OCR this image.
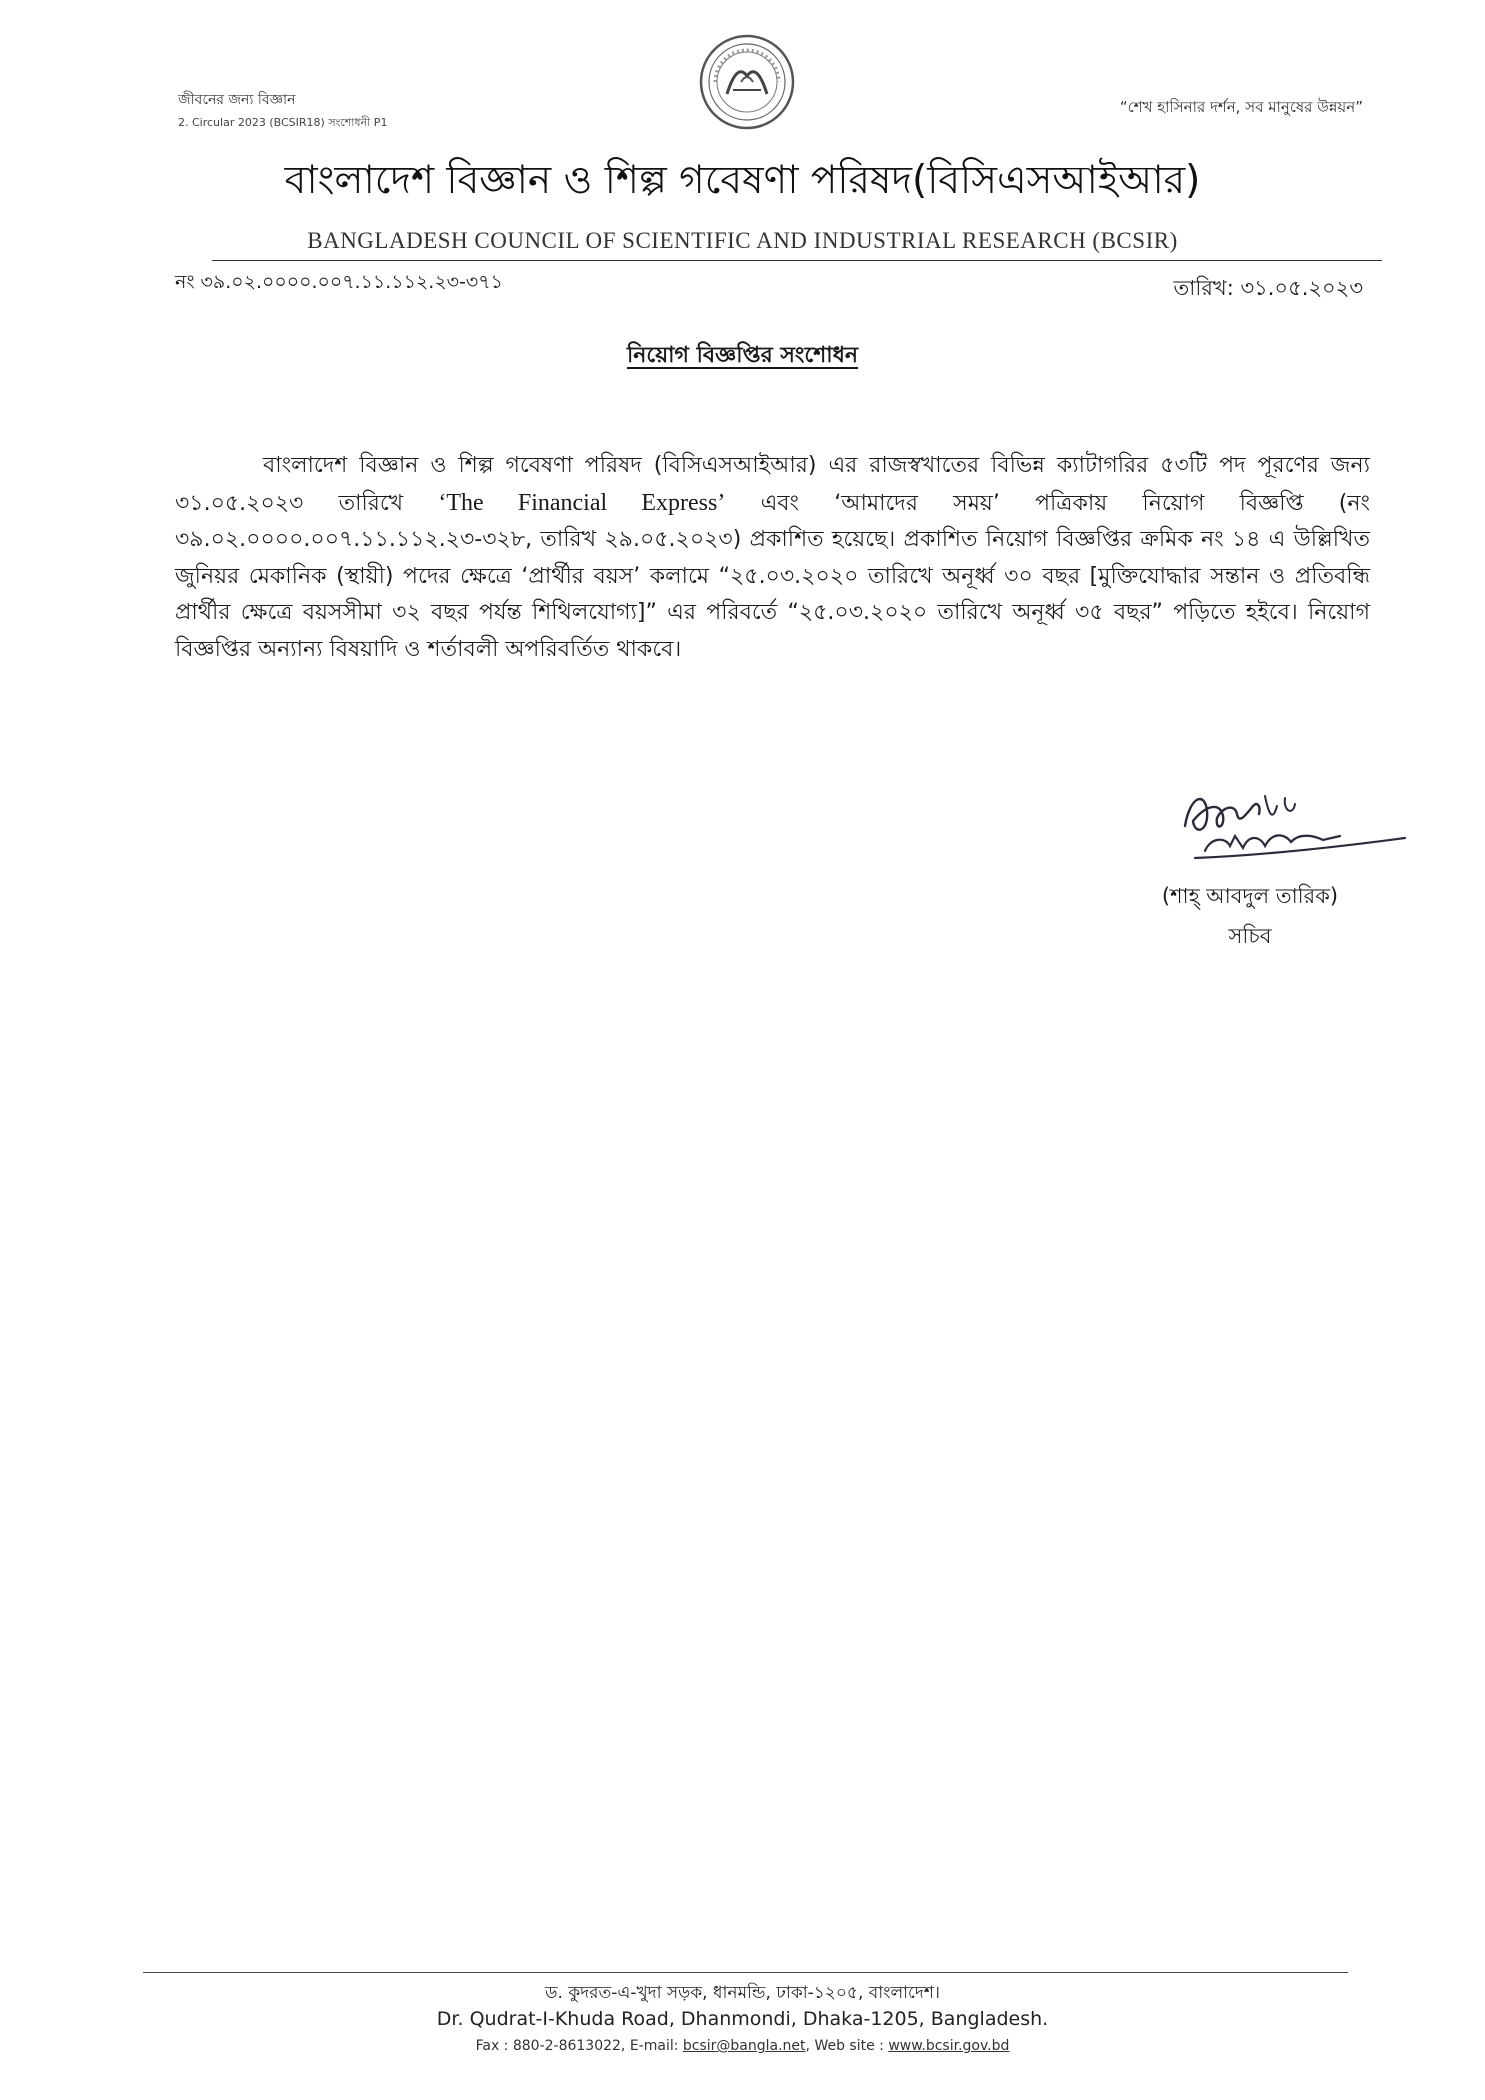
জীবনের জন্য বিজ্ঞান
2. Circular 2023 (BCSIR18) সংশোধনী P1
“শেখ হাসিনার দর্শন, সব মানুষের উন্নয়ন”
বাংলাদেশ বিজ্ঞান ও শিল্প গবেষণা পরিষদ(বিসিএসআইআর)
BANGLADESH COUNCIL OF SCIENTIFIC AND INDUSTRIAL RESEARCH (BCSIR)
নং ৩৯.০২.০০০০.০০৭.১১.১১২.২৩-৩৭১	তারিখ: ৩১.০৫.২০২৩
নিয়োগ বিজ্ঞপ্তির সংশোধন
বাংলাদেশ বিজ্ঞান ও শিল্প গবেষণা পরিষদ (বিসিএসআইআর) এর রাজস্বখাতের বিভিন্ন ক্যাটাগরির ৫৩টি পদ পূরণের জন্য ৩১.০৫.২০২৩ তারিখে ‘The Financial Express’ এবং ‘আমাদের সময়’ পত্রিকায় নিয়োগ বিজ্ঞপ্তি (নং ৩৯.০২.০০০০.০০৭.১১.১১২.২৩-৩২৮, তারিখ ২৯.০৫.২০২৩) প্রকাশিত হয়েছে। প্রকাশিত নিয়োগ বিজ্ঞপ্তির ক্রমিক নং ১৪ এ উল্লিখিত জুনিয়র মেকানিক (স্থায়ী) পদের ক্ষেত্রে ‘প্রার্থীর বয়স’ কলামে “২৫.০৩.২০২০ তারিখে অনূর্ধ্ব ৩০ বছর [মুক্তিযোদ্ধার সন্তান ও প্রতিবন্ধি প্রার্থীর ক্ষেত্রে বয়সসীমা ৩২ বছর পর্যন্ত শিথিলযোগ্য]” এর পরিবর্তে “২৫.০৩.২০২০ তারিখে অনূর্ধ্ব ৩৫ বছর” পড়িতে হইবে। নিয়োগ বিজ্ঞপ্তির অন্যান্য বিষয়াদি ও শর্তাবলী অপরিবর্তিত থাকবে।
(শাহ্ আবদুল তারিক)
সচিব
ড. কুদরত-এ-খুদা সড়ক, ধানমন্ডি, ঢাকা-১২০৫, বাংলাদেশ।
Dr. Qudrat-I-Khuda Road, Dhanmondi, Dhaka-1205, Bangladesh.
Fax : 880-2-8613022, E-mail: bcsir@bangla.net, Web site : www.bcsir.gov.bd
